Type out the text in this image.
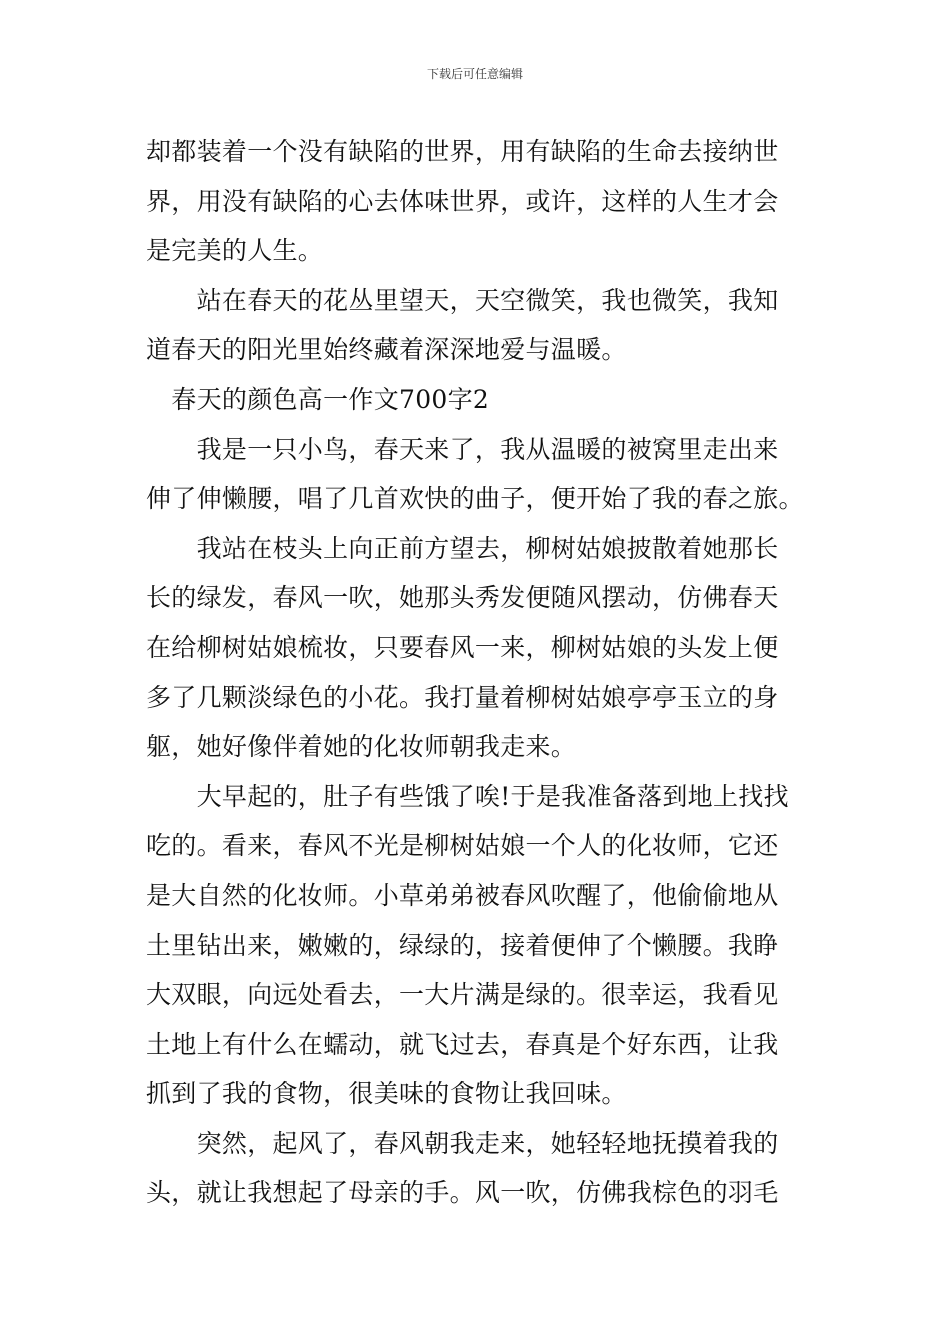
下载后可任意编辑

却都装着一个没有缺陷的世界，用有缺陷的生命去接纳世
界，用没有缺陷的心去体味世界，或许，这样的人生才会
是完美的人生。

　　站在春天的花丛里望天，天空微笑，我也微笑，我知
道春天的阳光里始终藏着深深地爱与温暖。

　春天的颜色高一作文700字2

　　我是一只小鸟，春天来了，我从温暖的被窝里走出来
伸了伸懒腰，唱了几首欢快的曲子，便开始了我的春之旅。

　　我站在枝头上向正前方望去，柳树姑娘披散着她那长
长的绿发，春风一吹，她那头秀发便随风摆动，仿佛春天
在给柳树姑娘梳妆，只要春风一来，柳树姑娘的头发上便
多了几颗淡绿色的小花。我打量着柳树姑娘亭亭玉立的身
躯，她好像伴着她的化妆师朝我走来。

　　大早起的，肚子有些饿了唉!于是我准备落到地上找找
吃的。看来，春风不光是柳树姑娘一个人的化妆师，它还
是大自然的化妆师。小草弟弟被春风吹醒了，他偷偷地从
土里钻出来，嫩嫩的，绿绿的，接着便伸了个懒腰。我睁
大双眼，向远处看去，一大片满是绿的。很幸运，我看见
土地上有什么在蠕动，就飞过去，春真是个好东西，让我
抓到了我的食物，很美味的食物让我回味。

　　突然，起风了，春风朝我走来，她轻轻地抚摸着我的
头，就让我想起了母亲的手。风一吹，仿佛我棕色的羽毛
